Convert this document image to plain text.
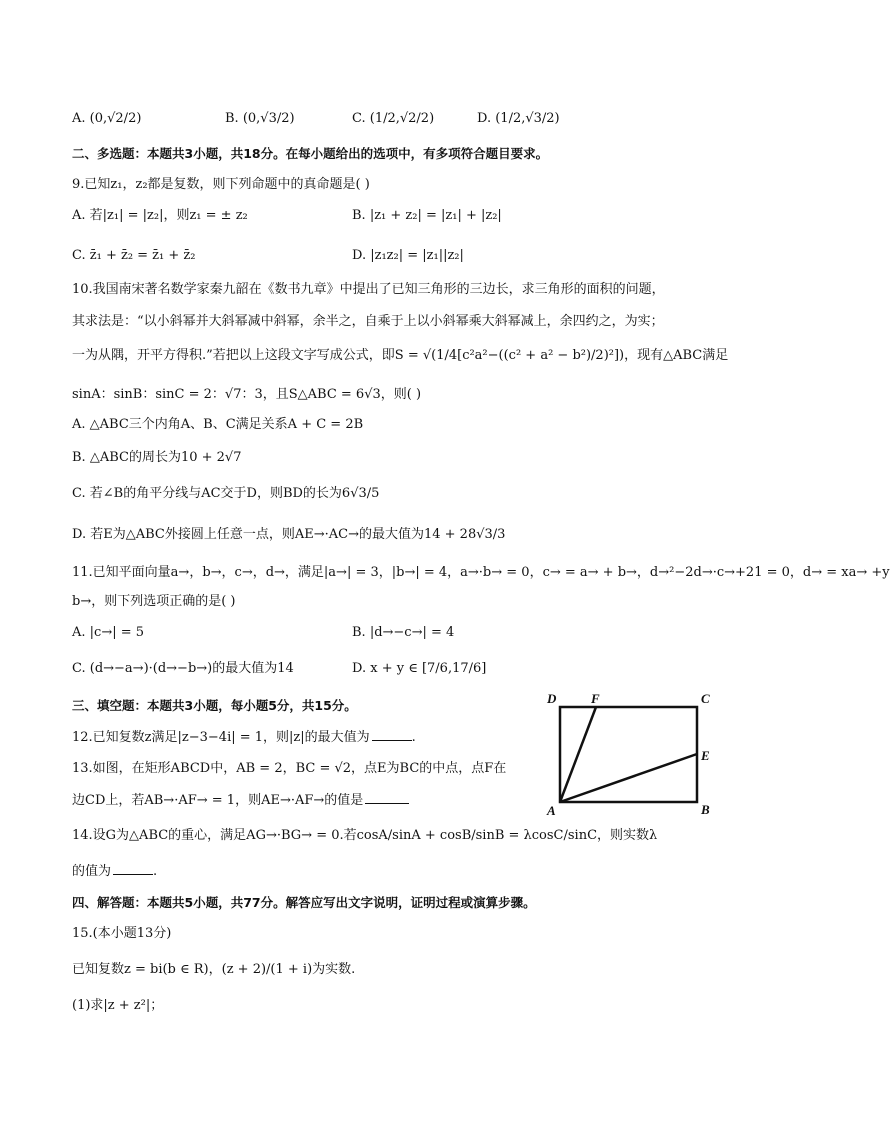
A. (0,√2/2)	B. (0,√3/2)	C. (1/2,√2/2)	D. (1/2,√3/2)
二、多选题：本题共3小题，共18分。在每小题给出的选项中，有多项符合题目要求。
9.已知z₁，z₂都是复数，则下列命题中的真命题是( )
A. 若|z₁| = |z₂|，则z₁ = ± z₂	B. |z₁ + z₂| = |z₁| + |z₂|
C. z̄₁ + z̄₂ = z̄₁ + z̄₂	D. |z₁z₂| = |z₁||z₂|
10.我国南宋著名数学家秦九韶在《数书九章》中提出了已知三角形的三边长，求三角形的面积的问题，
其求法是：“以小斜幂并大斜幂减中斜幂，余半之，自乘于上以小斜幂乘大斜幂减上，余四约之，为实；
一为从隅，开平方得积.”若把以上这段文字写成公式，即S = √(1/4[c²a²−((c² + a² − b²)/2)²])，现有△ABC满足
sinA：sinB：sinC = 2：√7：3，且S△ABC = 6√3，则( )
A. △ABC三个内角A、B、C满足关系A + C = 2B
B. △ABC的周长为10 + 2√7
C. 若∠B的角平分线与AC交于D，则BD的长为6√3/5
D. 若E为△ABC外接圆上任意一点，则AE→·AC→的最大值为14 + 28√3/3
11.已知平面向量a→，b→，c→，d→，满足|a→| = 3，|b→| = 4，a→·b→ = 0，c→ = a→ + b→，d→²−2d→·c→+21 = 0，d→ = xa→ +y
b→，则下列选项正确的是( )
A. |c→| = 5	B. |d→−c→| = 4
C. (d→−a→)·(d→−b→)的最大值为14	D. x + y ∈ [7/6,17/6]
三、填空题：本题共3小题，每小题5分，共15分。
12.已知复数z满足|z−3−4i| = 1，则|z|的最大值为	.
13.如图，在矩形ABCD中，AB = 2，BC = √2，点E为BC的中点，点F在
边CD上，若AB→·AF→ = 1，则AE→·AF→的值是
A	B
C
D
E
F
14.设G为△ABC的重心，满足AG→·BG→ = 0.若cosA/sinA + cosB/sinB = λcosC/sinC，则实数λ
的值为	.
四、解答题：本题共5小题，共77分。解答应写出文字说明，证明过程或演算步骤。
15.(本小题13分)
已知复数z = bi(b ∈ R)，(z + 2)/(1 + i)为实数.
(1)求|z + z²|；
